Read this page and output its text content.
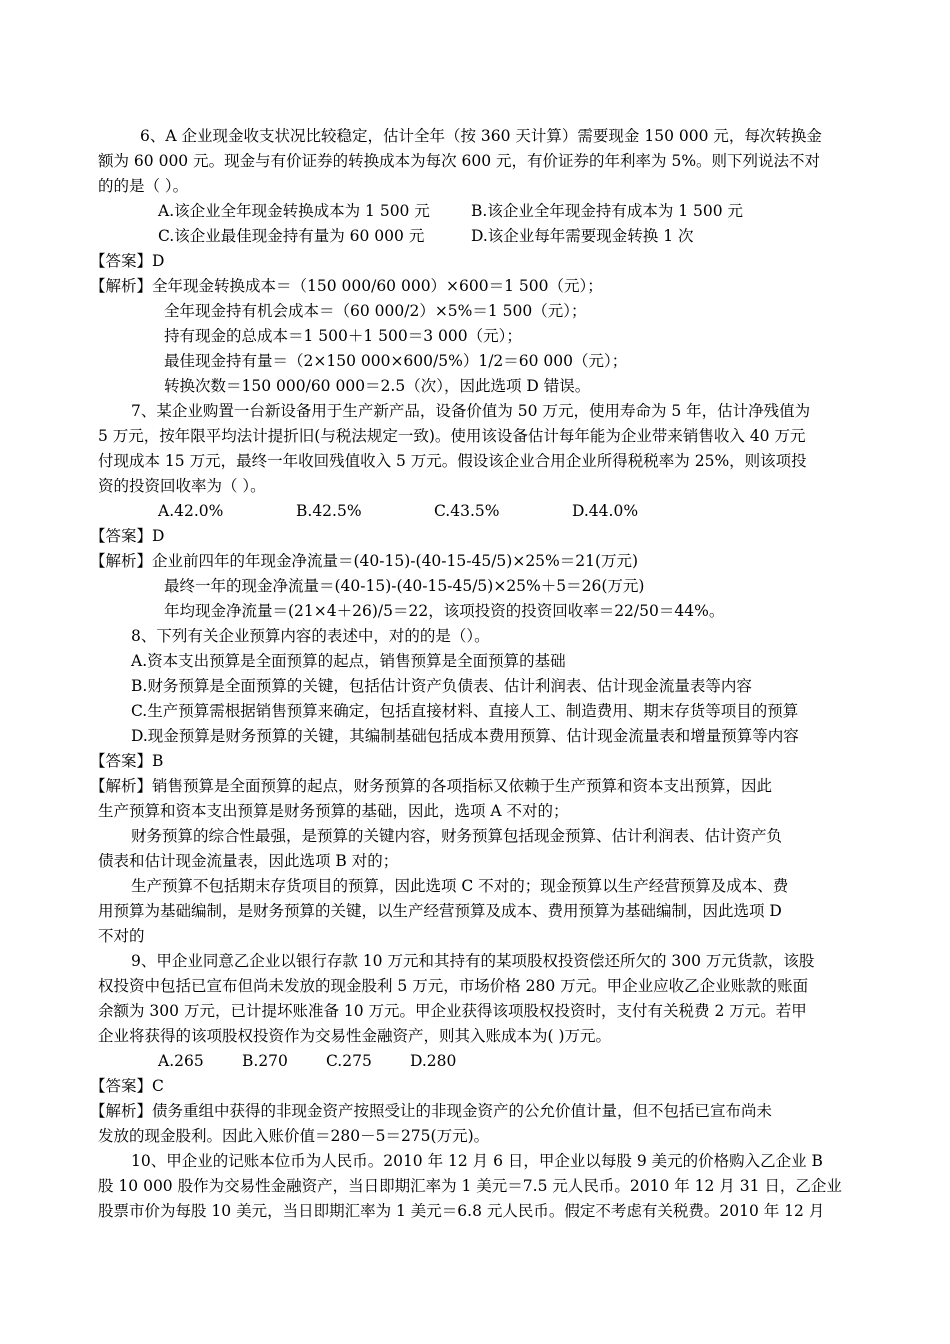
6、A 企业现金收支状况比较稳定，估计全年（按 360 天计算）需要现金 150 000 元，每次转换金
额为 60 000 元。现金与有价证券的转换成本为每次 600 元，有价证券的年利率为 5%。则下列说法不对
的的是（ ）。
A.该企业全年现金转换成本为 1 500 元	B.该企业全年现金持有成本为 1 500 元
C.该企业最佳现金持有量为 60 000 元	D.该企业每年需要现金转换 1 次
【答案】D
【解析】全年现金转换成本＝（150 000/60 000）×600＝1 500（元）；
全年现金持有机会成本＝（60 000/2）×5%＝1 500（元）；
持有现金的总成本＝1 500＋1 500＝3 000（元）；
最佳现金持有量＝（2×150 000×600/5%）1/2＝60 000（元）；
转换次数＝150 000/60 000＝2.5（次），因此选项 D 错误。
7、某企业购置一台新设备用于生产新产品，设备价值为 50 万元，使用寿命为 5 年，估计净残值为
5 万元，按年限平均法计提折旧(与税法规定一致)。使用该设备估计每年能为企业带来销售收入 40 万元
付现成本 15 万元，最终一年收回残值收入 5 万元。假设该企业合用企业所得税税率为 25%，则该项投
资的投资回收率为（ ）。
A.42.0%	B.42.5%	C.43.5%	D.44.0%
【答案】D
【解析】企业前四年的年现金净流量＝(40-15)-(40-15-45/5)×25%＝21(万元)
最终一年的现金净流量＝(40-15)-(40-15-45/5)×25%＋5＝26(万元)
年均现金净流量＝(21×4＋26)/5＝22，该项投资的投资回收率＝22/50＝44%。
8、下列有关企业预算内容的表述中，对的的是（）。
A.资本支出预算是全面预算的起点，销售预算是全面预算的基础
B.财务预算是全面预算的关键，包括估计资产负债表、估计利润表、估计现金流量表等内容
C.生产预算需根据销售预算来确定，包括直接材料、直接人工、制造费用、期末存货等项目的预算
D.现金预算是财务预算的关键，其编制基础包括成本费用预算、估计现金流量表和增量预算等内容
【答案】B
【解析】销售预算是全面预算的起点，财务预算的各项指标又依赖于生产预算和资本支出预算，因此
生产预算和资本支出预算是财务预算的基础，因此，选项 A 不对的；
财务预算的综合性最强，是预算的关键内容，财务预算包括现金预算、估计利润表、估计资产负
债表和估计现金流量表，因此选项 B 对的；
生产预算不包括期末存货项目的预算，因此选项 C 不对的；现金预算以生产经营预算及成本、费
用预算为基础编制，是财务预算的关键，以生产经营预算及成本、费用预算为基础编制，因此选项 D
不对的
9、甲企业同意乙企业以银行存款 10 万元和其持有的某项股权投资偿还所欠的 300 万元货款，该股
权投资中包括已宣布但尚未发放的现金股利 5 万元，市场价格 280 万元。甲企业应收乙企业账款的账面
余额为 300 万元，已计提坏账准备 10 万元。甲企业获得该项股权投资时，支付有关税费 2 万元。若甲
企业将获得的该项股权投资作为交易性金融资产，则其入账成本为( )万元。
A.265 B.270 C.275 D.280
【答案】C
【解析】债务重组中获得的非现金资产按照受让的非现金资产的公允价值计量，但不包括已宣布尚未
发放的现金股利。因此入账价值＝280－5＝275(万元)。
10、甲企业的记账本位币为人民币。2010 年 12 月 6 日，甲企业以每股 9 美元的价格购入乙企业 B
股 10 000 股作为交易性金融资产，当日即期汇率为 1 美元＝7.5 元人民币。2010 年 12 月 31 日，乙企业
股票市价为每股 10 美元，当日即期汇率为 1 美元＝6.8 元人民币。假定不考虑有关税费。2010 年 12 月
